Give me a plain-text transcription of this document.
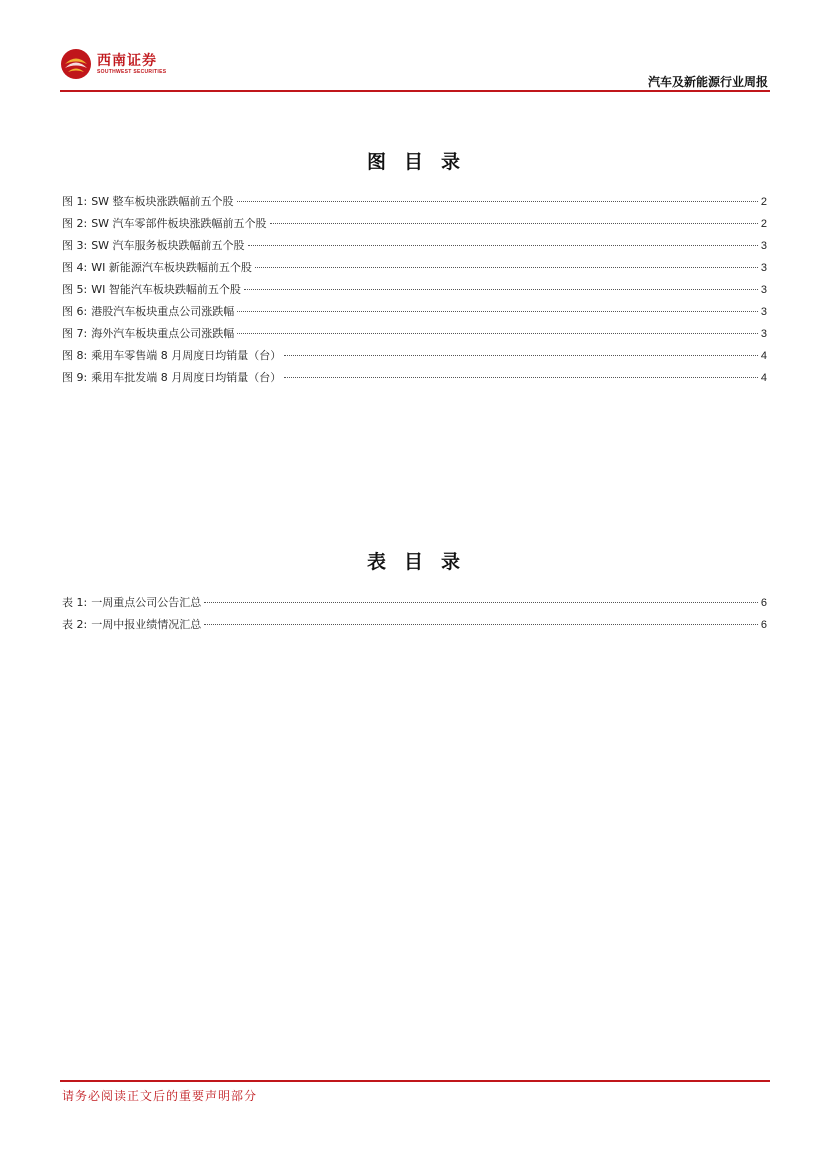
西南证券
SOUTHWEST SECURITIES
汽车及新能源行业周报
图目录
图 1: SW 整车板块涨跌幅前五个股	2
图 2: SW 汽车零部件板块涨跌幅前五个股	2
图 3: SW 汽车服务板块跌幅前五个股	3
图 4: WI 新能源汽车板块跌幅前五个股	3
图 5: WI 智能汽车板块跌幅前五个股	3
图 6: 港股汽车板块重点公司涨跌幅	3
图 7: 海外汽车板块重点公司涨跌幅	3
图 8: 乘用车零售端 8 月周度日均销量（台）	4
图 9: 乘用车批发端 8 月周度日均销量（台）	4
表目录
表 1: 一周重点公司公告汇总	6
表 2: 一周中报业绩情况汇总	6
请务必阅读正文后的重要声明部分
